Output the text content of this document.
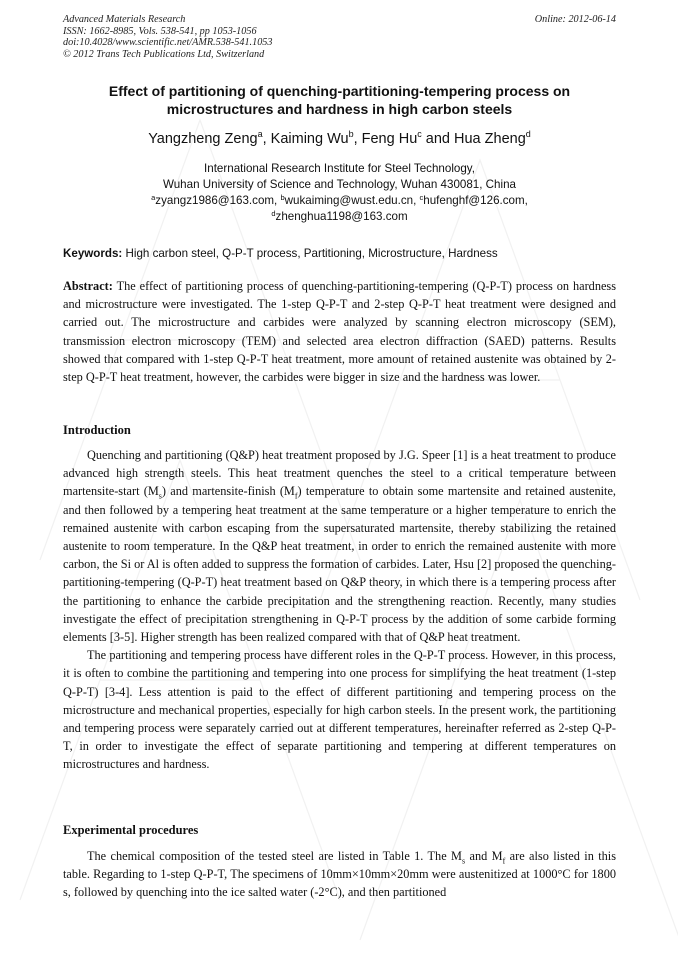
Advanced Materials Research
ISSN: 1662-8985, Vols. 538-541, pp 1053-1056
doi:10.4028/www.scientific.net/AMR.538-541.1053
© 2012 Trans Tech Publications Ltd, Switzerland
Online: 2012-06-14
Effect of partitioning of quenching-partitioning-tempering process on
microstructures and hardness in high carbon steels
Yangzheng Zeng$^a$, Kaiming Wu$^b$, Feng Hu$^c$ and Hua Zheng$^d$
International Research Institute for Steel Technology,
Wuhan University of Science and Technology, Wuhan 430081, China
$^a$zyangz1986@163.com, $^b$wukaiming@wust.edu.cn, $^c$hufenghf@126.com,
$^d$zhenghua1198@163.com
Keywords: High carbon steel, Q-P-T process, Partitioning, Microstructure, Hardness
Abstract: The effect of partitioning process of quenching-partitioning-tempering (Q-P-T) process on hardness and microstructure were investigated. The 1-step Q-P-T and 2-step Q-P-T heat treatment were designed and carried out. The microstructure and carbides were analyzed by scanning electron microscopy (SEM), transmission electron microscopy (TEM) and selected area electron diffraction (SAED) patterns. Results showed that compared with 1-step Q-P-T heat treatment, more amount of retained austenite was obtained by 2-step Q-P-T heat treatment, however, the carbides were bigger in size and the hardness was lower.
Introduction

Quenching and partitioning (Q&P) heat treatment proposed by J.G. Speer [1] is a heat treatment to produce advanced high strength steels. This heat treatment quenches the steel to a critical temperature between martensite-start $(M_s)$ and martensite-finish $(M_f)$ temperature to obtain some martensite and retained austenite, and then followed by a tempering heat treatment at the same temperature or a higher temperature to enrich the remained austenite with carbon escaping from the supersaturated martensite, thereby stabilizing the retained austenite to room temperature. In the Q&P heat treatment, in order to enrich the remained austenite with more carbon, the Si or Al is often added to suppress the formation of carbides. Later, Hsu [2] proposed the quenching-partitioning-tempering (Q-P-T) heat treatment based on Q&P theory, in which there is a tempering process after the partitioning to enhance the carbide precipitation and the strengthening reaction. Recently, many studies investigate the effect of precipitation strengthening in Q-P-T process by the addition of some carbide forming elements [3-5]. Higher strength has been realized compared with that of Q&P heat treatment.

The partitioning and tempering process have different roles in the Q-P-T process. However, in this process, it is often to combine the partitioning and tempering into one process for simplifying the heat treatment (1-step Q-P-T) [3-4]. Less attention is paid to the effect of different partitioning and tempering process on the microstructure and mechanical properties, especially for high carbon steels. In the present work, the partitioning and tempering process were separately carried out at different temperatures, hereinafter referred as 2-step Q-P-T, in order to investigate the effect of separate partitioning and tempering at different temperatures on microstructures and hardness.

Experimental procedures

The chemical composition of the tested steel are listed in Table 1. The $M_s$ and $M_f$ are also listed in this table. Regarding to 1-step Q-P-T, The specimens of 10mm×10mm×20mm were austenitized at 1000°C for 1800 s, followed by quenching into the ice salted water (-2°C), and then partitioned
